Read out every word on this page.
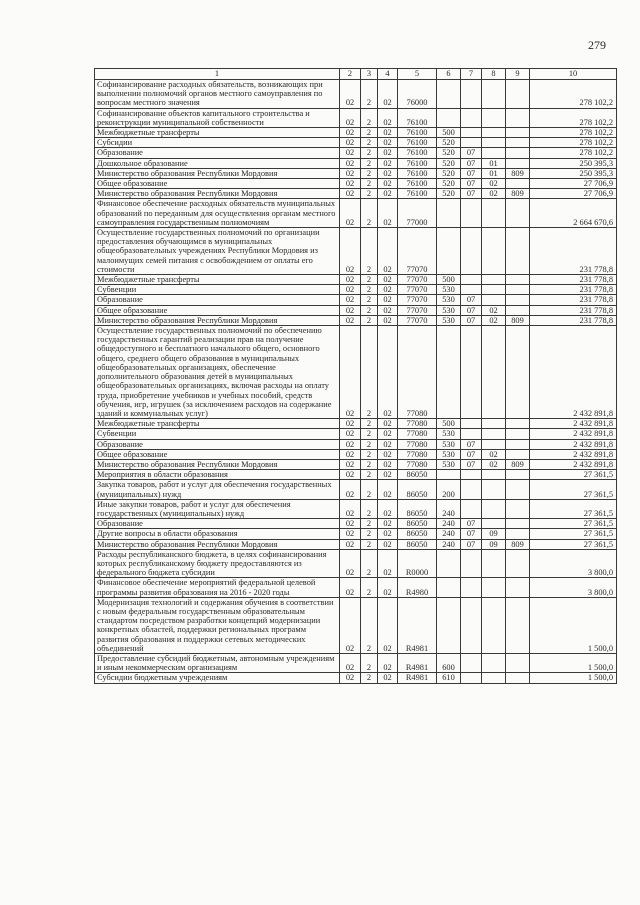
279
1	2	3	4	5	6	7	8	9	10
Софинансирование расходных обязательств, возникающих при выполнении полномочий органов местного самоуправления по вопросам местного значения	02	2	02	76000					278 102,2
Софинансирование объектов капитального строительства и реконструкции муниципальной собственности	02	2	02	76100					278 102,2
Межбюджетные трансферты	02	2	02	76100	500				278 102,2
Субсидии	02	2	02	76100	520				278 102,2
Образование	02	2	02	76100	520	07			278 102,2
Дошкольное образование	02	2	02	76100	520	07	01		250 395,3
Министерство образования Республики Мордовия	02	2	02	76100	520	07	01	809	250 395,3
Общее образование	02	2	02	76100	520	07	02		27 706,9
Министерство образования Республики Мордовия	02	2	02	76100	520	07	02	809	27 706,9
Финансовое обеспечение расходных обязательств муниципальных образований по переданным для осуществления органам местного самоуправления государственным полномочиям	02	2	02	77000					2 664 670,6
Осуществление государственных полномочий по организации предоставления обучающимся в муниципальных общеобразовательных учреждениях Республики Мордовия из малоимущих семей питания с освобождением от оплаты его стоимости	02	2	02	77070					231 778,8
Межбюджетные трансферты	02	2	02	77070	500				231 778,8
Субвенции	02	2	02	77070	530				231 778,8
Образование	02	2	02	77070	530	07			231 778,8
Общее образование	02	2	02	77070	530	07	02		231 778,8
Министерство образования Республики Мордовия	02	2	02	77070	530	07	02	809	231 778,8
Осуществление государственных полномочий по обеспечению государственных гарантий реализации прав на получение общедоступного и бесплатного начального общего, основного общего, среднего общего образования в муниципальных общеобразовательных организациях, обеспечение дополнительного образования детей в муниципальных общеобразовательных организациях, включая расходы на оплату труда, приобретение учебников и учебных пособий, средств обучения, игр, игрушек (за исключением расходов на содержание зданий и коммунальных услуг)	02	2	02	77080					2 432 891,8
Межбюджетные трансферты	02	2	02	77080	500				2 432 891,8
Субвенции	02	2	02	77080	530				2 432 891,8
Образование	02	2	02	77080	530	07			2 432 891,8
Общее образование	02	2	02	77080	530	07	02		2 432 891,8
Министерство образования Республики Мордовия	02	2	02	77080	530	07	02	809	2 432 891,8
Мероприятия в области образования	02	2	02	86050					27 361,5
Закупка товаров, работ и услуг для обеспечения государственных (муниципальных) нужд	02	2	02	86050	200				27 361,5
Иные закупки товаров, работ и услуг для обеспечения государственных (муниципальных) нужд	02	2	02	86050	240				27 361,5
Образование	02	2	02	86050	240	07			27 361,5
Другие вопросы в области образования	02	2	02	86050	240	07	09		27 361,5
Министерство образования Республики Мордовия	02	2	02	86050	240	07	09	809	27 361,5
Расходы республиканского бюджета, в целях софинансирования которых республиканскому бюджету предоставляются из федерального бюджета субсидии	02	2	02	R0000					3 800,0
Финансовое обеспечение мероприятий федеральной целевой программы развития образования на 2016 - 2020 годы	02	2	02	R4980					3 800,0
Модернизация технологий и содержания обучения в соответствии с новым федеральным государственным образовательным стандартом посредством разработки концепций модернизации конкретных областей, поддержки региональных программ развития образования и поддержки сетевых методических объединений	02	2	02	R4981					1 500,0
Предоставление субсидий бюджетным, автономным учреждениям и иным некоммерческим организациям	02	2	02	R4981	600				1 500,0
Субсидии бюджетным учреждениям	02	2	02	R4981	610				1 500,0
